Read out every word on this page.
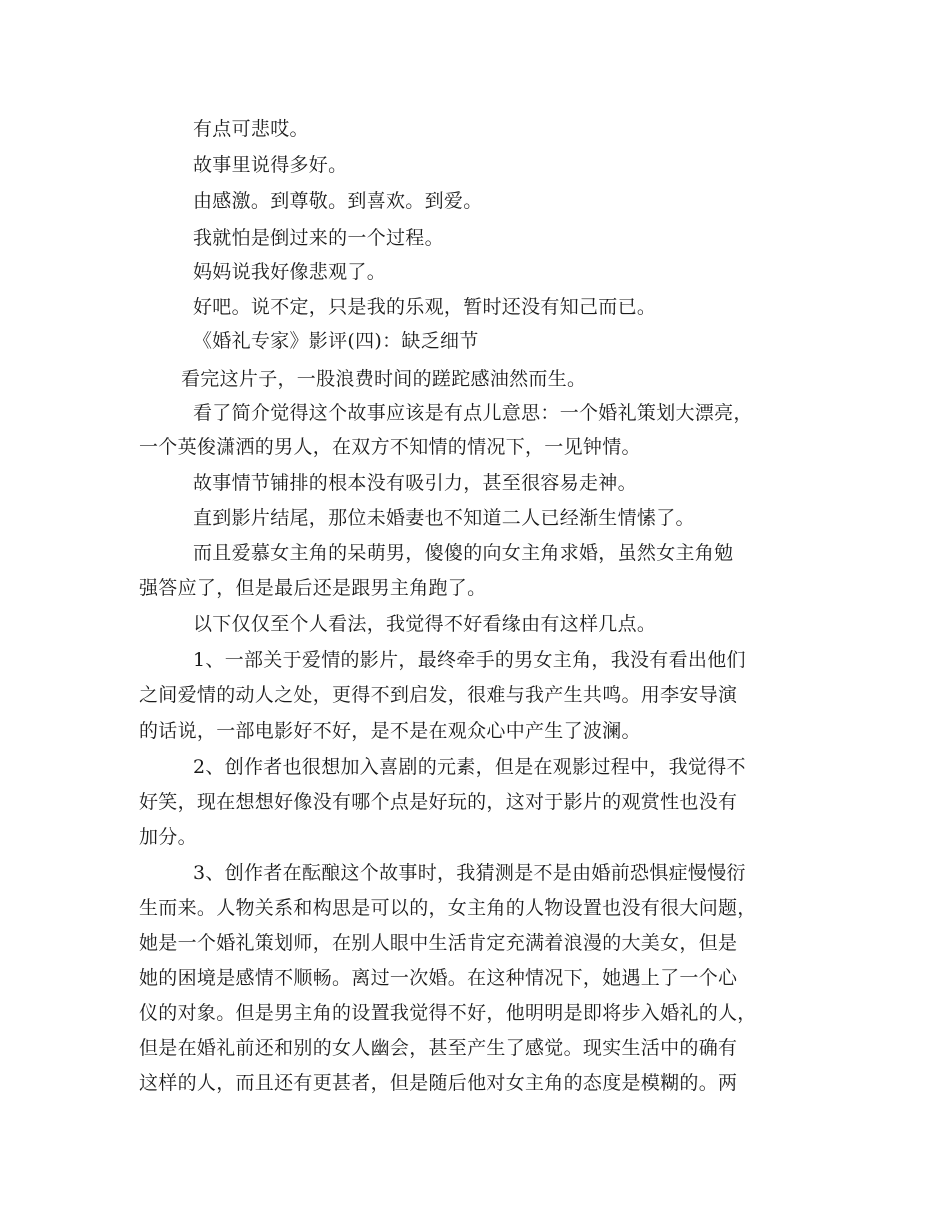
有点可悲哎。

故事里说得多好。

由感激。到尊敬。到喜欢。到爱。

我就怕是倒过来的一个过程。

妈妈说我好像悲观了。

好吧。说不定，只是我的乐观，暂时还没有知己而已。

《婚礼专家》影评(四)：缺乏细节

看完这片子，一股浪费时间的蹉跎感油然而生。

看了简介觉得这个故事应该是有点儿意思：一个婚礼策划大漂亮，

一个英俊潇洒的男人，在双方不知情的情况下，一见钟情。

故事情节铺排的根本没有吸引力，甚至很容易走神。

直到影片结尾，那位未婚妻也不知道二人已经渐生情愫了。

而且爱慕女主角的呆萌男，傻傻的向女主角求婚，虽然女主角勉

强答应了，但是最后还是跟男主角跑了。

以下仅仅至个人看法，我觉得不好看缘由有这样几点。

1、一部关于爱情的影片，最终牵手的男女主角，我没有看出他们

之间爱情的动人之处，更得不到启发，很难与我产生共鸣。用李安导演

的话说，一部电影好不好，是不是在观众心中产生了波澜。

2、创作者也很想加入喜剧的元素，但是在观影过程中，我觉得不

好笑，现在想想好像没有哪个点是好玩的，这对于影片的观赏性也没有

加分。

3、创作者在酝酿这个故事时，我猜测是不是由婚前恐惧症慢慢衍

生而来。人物关系和构思是可以的，女主角的人物设置也没有很大问题，

她是一个婚礼策划师，在别人眼中生活肯定充满着浪漫的大美女，但是

她的困境是感情不顺畅。离过一次婚。在这种情况下，她遇上了一个心

仪的对象。但是男主角的设置我觉得不好，他明明是即将步入婚礼的人，

但是在婚礼前还和别的女人幽会，甚至产生了感觉。现实生活中的确有

这样的人，而且还有更甚者，但是随后他对女主角的态度是模糊的。两
